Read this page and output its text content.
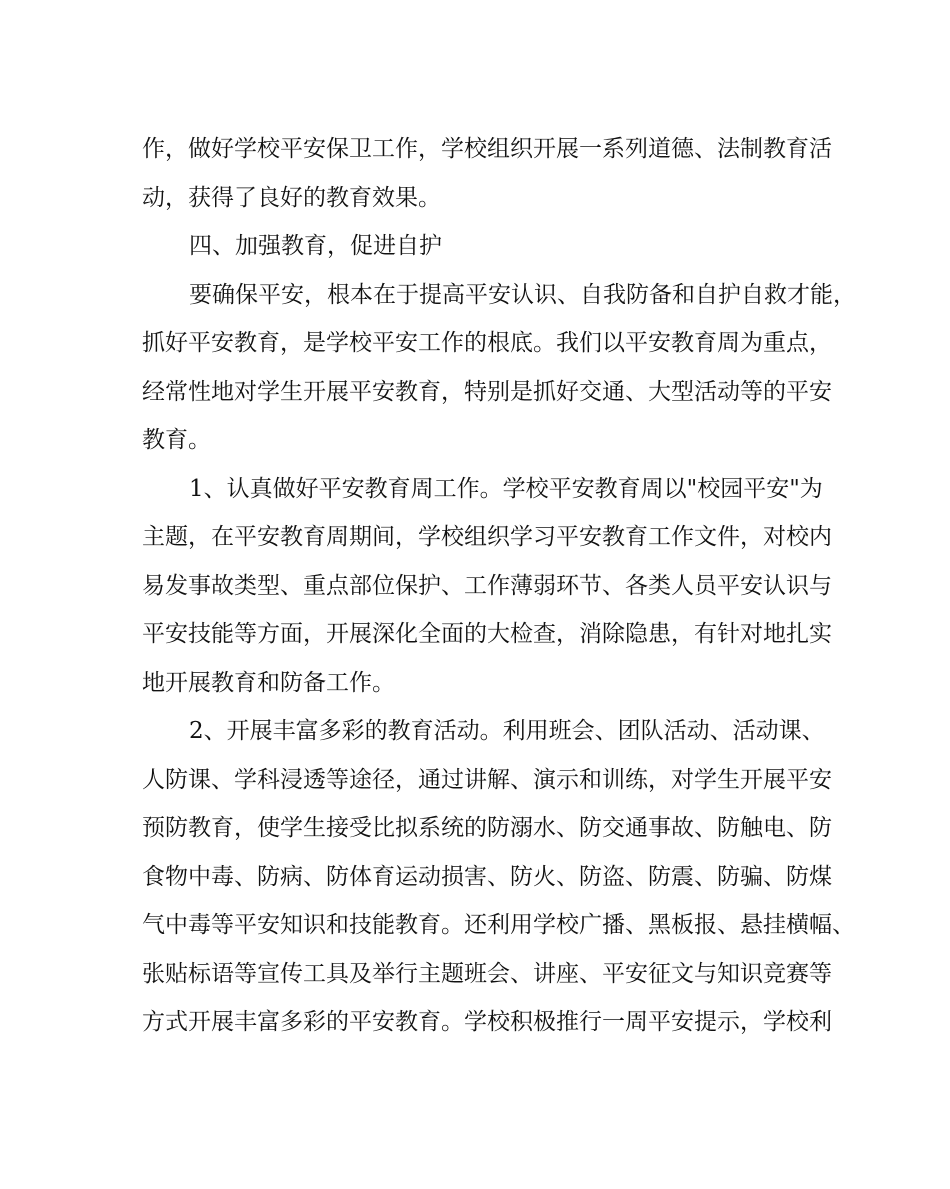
作，做好学校平安保卫工作，学校组织开展一系列道德、法制教育活
动，获得了良好的教育效果。
四、加强教育，促进自护
要确保平安，根本在于提高平安认识、自我防备和自护自救才能，
抓好平安教育，是学校平安工作的根底。我们以平安教育周为重点，
经常性地对学生开展平安教育，特别是抓好交通、大型活动等的平安
教育。
1、认真做好平安教育周工作。学校平安教育周以"校园平安"为
主题，在平安教育周期间，学校组织学习平安教育工作文件，对校内
易发事故类型、重点部位保护、工作薄弱环节、各类人员平安认识与
平安技能等方面，开展深化全面的大检查，消除隐患，有针对地扎实
地开展教育和防备工作。
2、开展丰富多彩的教育活动。利用班会、团队活动、活动课、
人防课、学科浸透等途径，通过讲解、演示和训练，对学生开展平安
预防教育，使学生接受比拟系统的防溺水、防交通事故、防触电、防
食物中毒、防病、防体育运动损害、防火、防盗、防震、防骗、防煤
气中毒等平安知识和技能教育。还利用学校广播、黑板报、悬挂横幅、
张贴标语等宣传工具及举行主题班会、讲座、平安征文与知识竞赛等
方式开展丰富多彩的平安教育。学校积极推行一周平安提示，学校利
